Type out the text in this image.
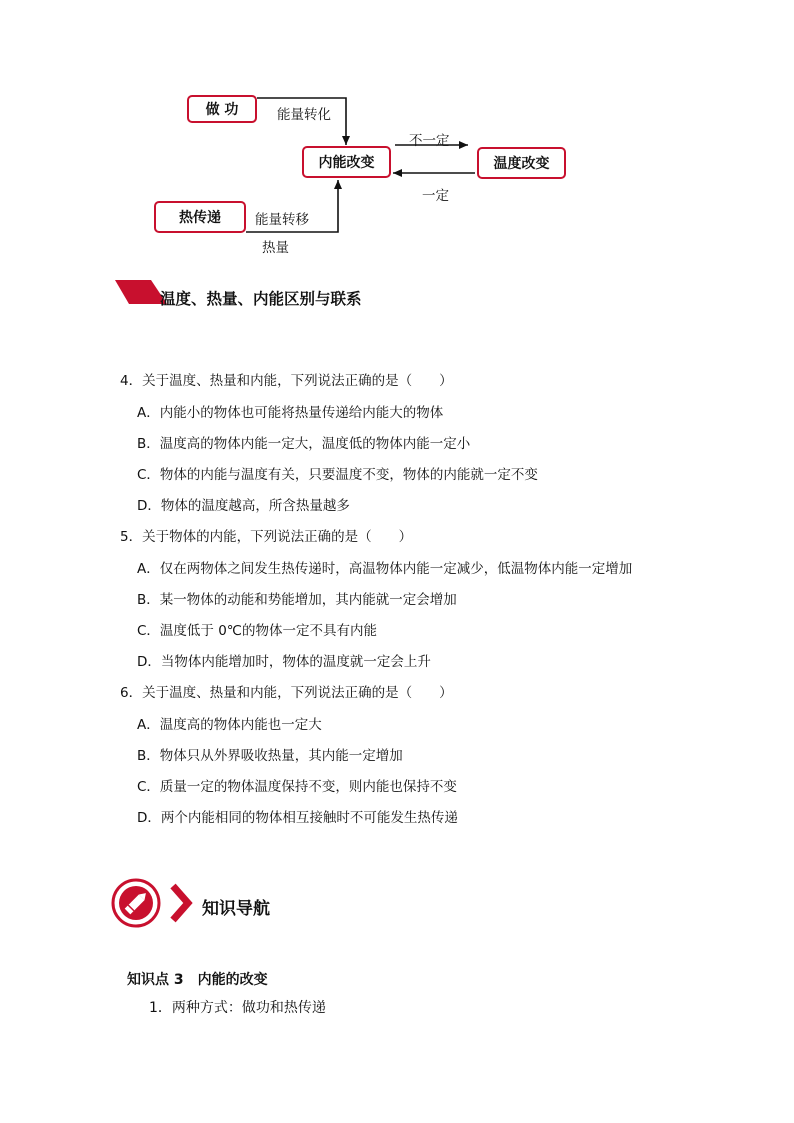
做 功	能量转化
内能改变
不一定
一定
温度改变
热传递	能量转移
热量
温度、热量、内能区别与联系
4．关于温度、热量和内能，下列说法正确的是（　　）
A．内能小的物体也可能将热量传递给内能大的物体
B．温度高的物体内能一定大，温度低的物体内能一定小
C．物体的内能与温度有关，只要温度不变，物体的内能就一定不变
D．物体的温度越高，所含热量越多
5．关于物体的内能，下列说法正确的是（　　）
A．仅在两物体之间发生热传递时，高温物体内能一定减少，低温物体内能一定增加
B．某一物体的动能和势能增加，其内能就一定会增加
C．温度低于 0℃的物体一定不具有内能
D．当物体内能增加时，物体的温度就一定会上升
6．关于温度、热量和内能，下列说法正确的是（　　）
A．温度高的物体内能也一定大
B．物体只从外界吸收热量，其内能一定增加
C．质量一定的物体温度保持不变，则内能也保持不变
D．两个内能相同的物体相互接触时不可能发生热传递
知识导航
知识点 3　内能的改变
1．两种方式：做功和热传递
